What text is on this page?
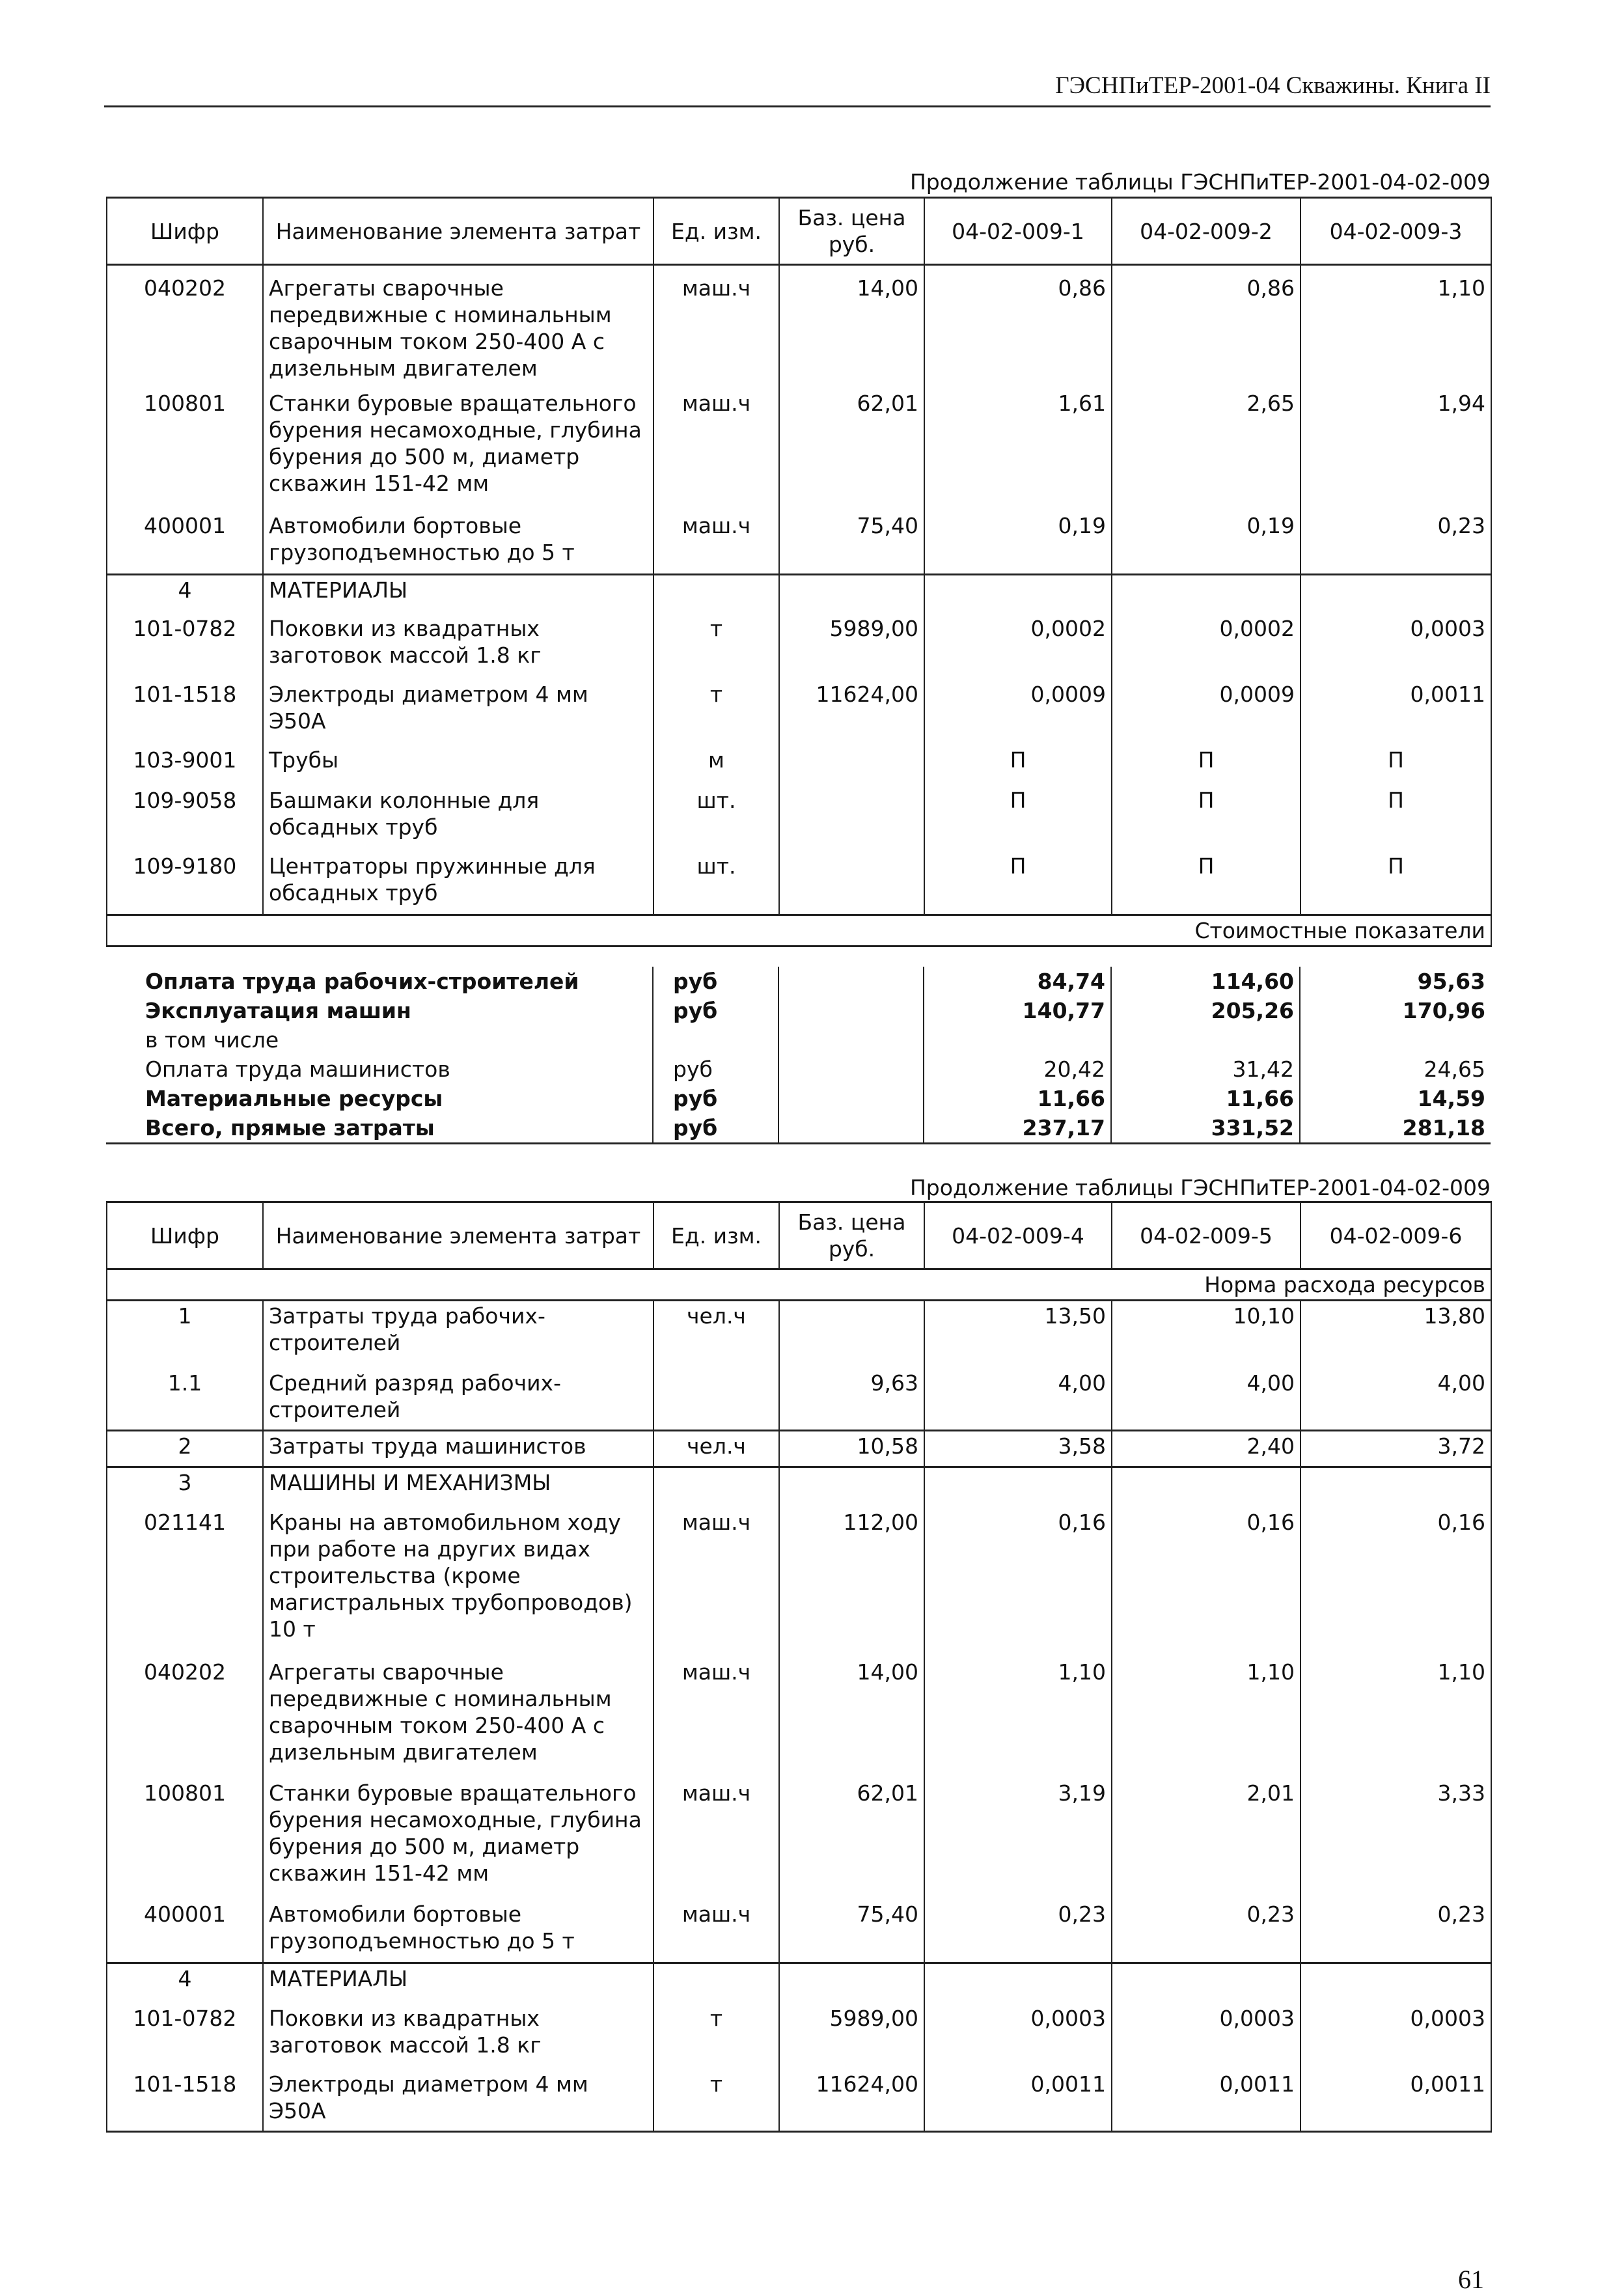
ГЭСНПиТЕР-2001-04 Скважины. Книга II
Продолжение таблицы ГЭСНПиТЕР-2001-04-02-009
Шифр	Наименование элемента затрат	Ед. изм.	Баз. цена руб.	04-02-009-1	04-02-009-2	04-02-009-3
040202	Агрегаты сварочные передвижные с номинальным сварочным током 250-400 А с дизельным двигателем	маш.ч	14,00	0,86	0,86	1,10
100801	Станки буровые вращательного бурения несамоходные, глубина бурения до 500 м, диаметр скважин 151-42 мм	маш.ч	62,01	1,61	2,65	1,94
400001	Автомобили бортовые грузоподъемностью до 5 т	маш.ч	75,40	0,19	0,19	0,23
4	МАТЕРИАЛЫ					
101-0782	Поковки из квадратных заготовок массой 1.8 кг	т	5989,00	0,0002	0,0002	0,0003
101-1518	Электроды диаметром 4 мм Э50А	т	11624,00	0,0009	0,0009	0,0011
103-9001	Трубы	м		П	П	П
109-9058	Башмаки колонные для обсадных труб	шт.		П	П	П
109-9180	Центраторы пружинные для обсадных труб	шт.		П	П	П
Стоимостные показатели						
Оплата труда рабочих-строителей	руб		84,74	114,60	95,63
Эксплуатация машин	руб		140,77	205,26	170,96
в том числе					
Оплата труда машинистов	руб		20,42	31,42	24,65
Материальные ресурсы	руб		11,66	11,66	14,59
Всего, прямые затраты	руб		237,17	331,52	281,18
Продолжение таблицы ГЭСНПиТЕР-2001-04-02-009
Шифр	Наименование элемента затрат	Ед. изм.	Баз. цена руб.	04-02-009-4	04-02-009-5	04-02-009-6
Норма расхода ресурсов						
1	Затраты труда рабочих-строителей	чел.ч		13,50	10,10	13,80
1.1	Средний разряд рабочих-строителей		9,63	4,00	4,00	4,00
2	Затраты труда машинистов	чел.ч	10,58	3,58	2,40	3,72
3	МАШИНЫ И МЕХАНИЗМЫ					
021141	Краны на автомобильном ходу при работе на других видах строительства (кроме магистральных трубопроводов) 10 т	маш.ч	112,00	0,16	0,16	0,16
040202	Агрегаты сварочные передвижные с номинальным сварочным током 250-400 А с дизельным двигателем	маш.ч	14,00	1,10	1,10	1,10
100801	Станки буровые вращательного бурения несамоходные, глубина бурения до 500 м, диаметр скважин 151-42 мм	маш.ч	62,01	3,19	2,01	3,33
400001	Автомобили бортовые грузоподъемностью до 5 т	маш.ч	75,40	0,23	0,23	0,23
4	МАТЕРИАЛЫ					
101-0782	Поковки из квадратных заготовок массой 1.8 кг	т	5989,00	0,0003	0,0003	0,0003
101-1518	Электроды диаметром 4 мм Э50А	т	11624,00	0,0011	0,0011	0,0011
61
